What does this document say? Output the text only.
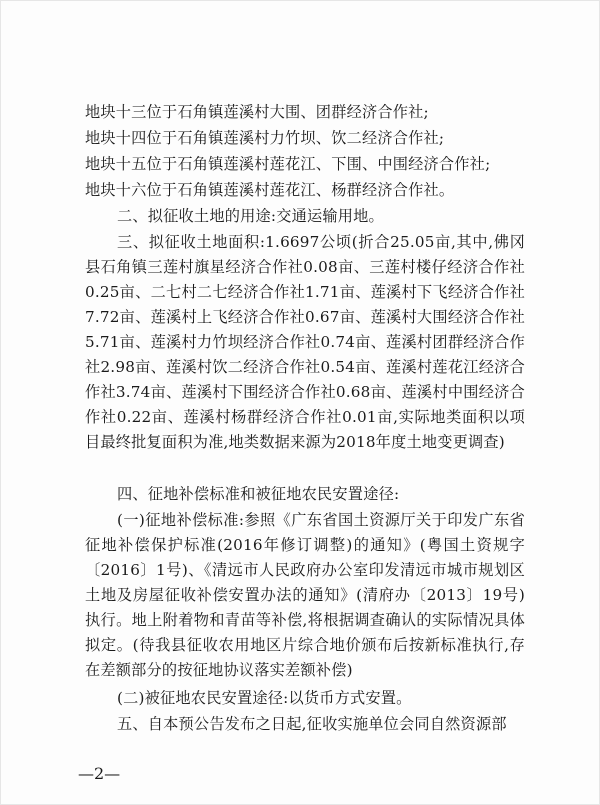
地块十三位于石角镇莲溪村大围、团群经济合作社;
地块十四位于石角镇莲溪村力竹坝、饮二经济合作社;
地块十五位于石角镇莲溪村莲花江、下围、中围经济合作社;
地块十六位于石角镇莲溪村莲花江、杨群经济合作社。
二、拟征收土地的用途:交通运输用地。
三、拟征收土地面积:1.6697公顷(折合25.05亩,其中,佛冈县石角镇三莲村旗星经济合作社0.08亩、三莲村楼仔经济合作社0.25亩、二七村二七经济合作社1.71亩、莲溪村下飞经济合作社7.72亩、莲溪村上飞经济合作社0.67亩、莲溪村大围经济合作社5.71亩、莲溪村力竹坝经济合作社0.74亩、莲溪村团群经济合作社2.98亩、莲溪村饮二经济合作社0.54亩、莲溪村莲花江经济合作社3.74亩、莲溪村下围经济合作社0.68亩、莲溪村中围经济合作社0.22亩、莲溪村杨群经济合作社0.01亩,实际地类面积以项目最终批复面积为准,地类数据来源为2018年度土地变更调查)
四、征地补偿标准和被征地农民安置途径:
(一)征地补偿标准:参照《广东省国土资源厅关于印发广东省征地补偿保护标准(2016年修订调整)的通知》(粤国土资规字〔2016〕1号)、《清远市人民政府办公室印发清远市城市规划区土地及房屋征收补偿安置办法的通知》(清府办〔2013〕19号)执行。地上附着物和青苗等补偿,将根据调查确认的实际情况具体拟定。(待我县征收农用地区片综合地价颁布后按新标准执行,存在差额部分的按征地协议落实差额补偿)
(二)被征地农民安置途径:以货币方式安置。
五、自本预公告发布之日起,征收实施单位会同自然资源部
—2—
